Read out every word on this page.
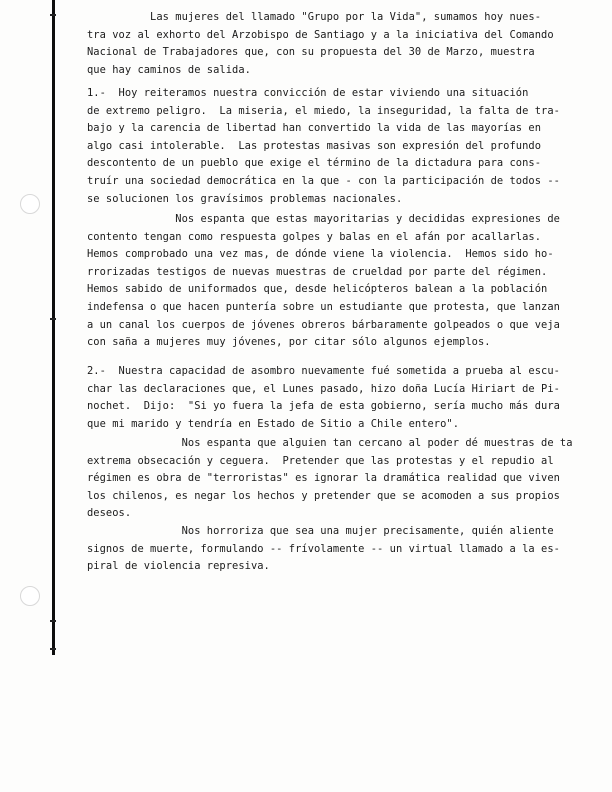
Las mujeres del llamado "Grupo por la Vida", sumamos hoy nues-
tra voz al exhorto del Arzobispo de Santiago y a la iniciativa del Comando
Nacional de Trabajadores que, con su propuesta del 30 de Marzo, muestra
que hay caminos de salida.
1.-  Hoy reiteramos nuestra convicción de estar viviendo una situación
de extremo peligro.  La miseria, el miedo, la inseguridad, la falta de tra-
bajo y la carencia de libertad han convertido la vida de las mayorías en
algo casi intolerable.  Las protestas masivas son expresión del profundo
descontento de un pueblo que exige el término de la dictadura para cons-
truír una sociedad democrática en la que - con la participación de todos --
se solucionen los gravísimos problemas nacionales.
Nos espanta que estas mayoritarias y decididas expresiones de
contento tengan como respuesta golpes y balas en el afán por acallarlas.
Hemos comprobado una vez mas, de dónde viene la violencia.  Hemos sido ho-
rrorizadas testigos de nuevas muestras de crueldad por parte del régimen.
Hemos sabido de uniformados que, desde helicópteros balean a la población
indefensa o que hacen puntería sobre un estudiante que protesta, que lanzan
a un canal los cuerpos de jóvenes obreros bárbaramente golpeados o que veja
con saña a mujeres muy jóvenes, por citar sólo algunos ejemplos.
2.-  Nuestra capacidad de asombro nuevamente fué sometida a prueba al escu-
char las declaraciones que, el Lunes pasado, hizo doña Lucía Hiriart de Pi-
nochet.  Dijo:  "Si yo fuera la jefa de esta gobierno, sería mucho más dura
que mi marido y tendría en Estado de Sitio a Chile entero".
Nos espanta que alguien tan cercano al poder dé muestras de ta
extrema obsecación y ceguera.  Pretender que las protestas y el repudio al
régimen es obra de "terroristas" es ignorar la dramática realidad que viven
los chilenos, es negar los hechos y pretender que se acomoden a sus propios
deseos.
Nos horroriza que sea una mujer precisamente, quién aliente
signos de muerte, formulando -- frívolamente -- un virtual llamado a la es-
piral de violencia represiva.
